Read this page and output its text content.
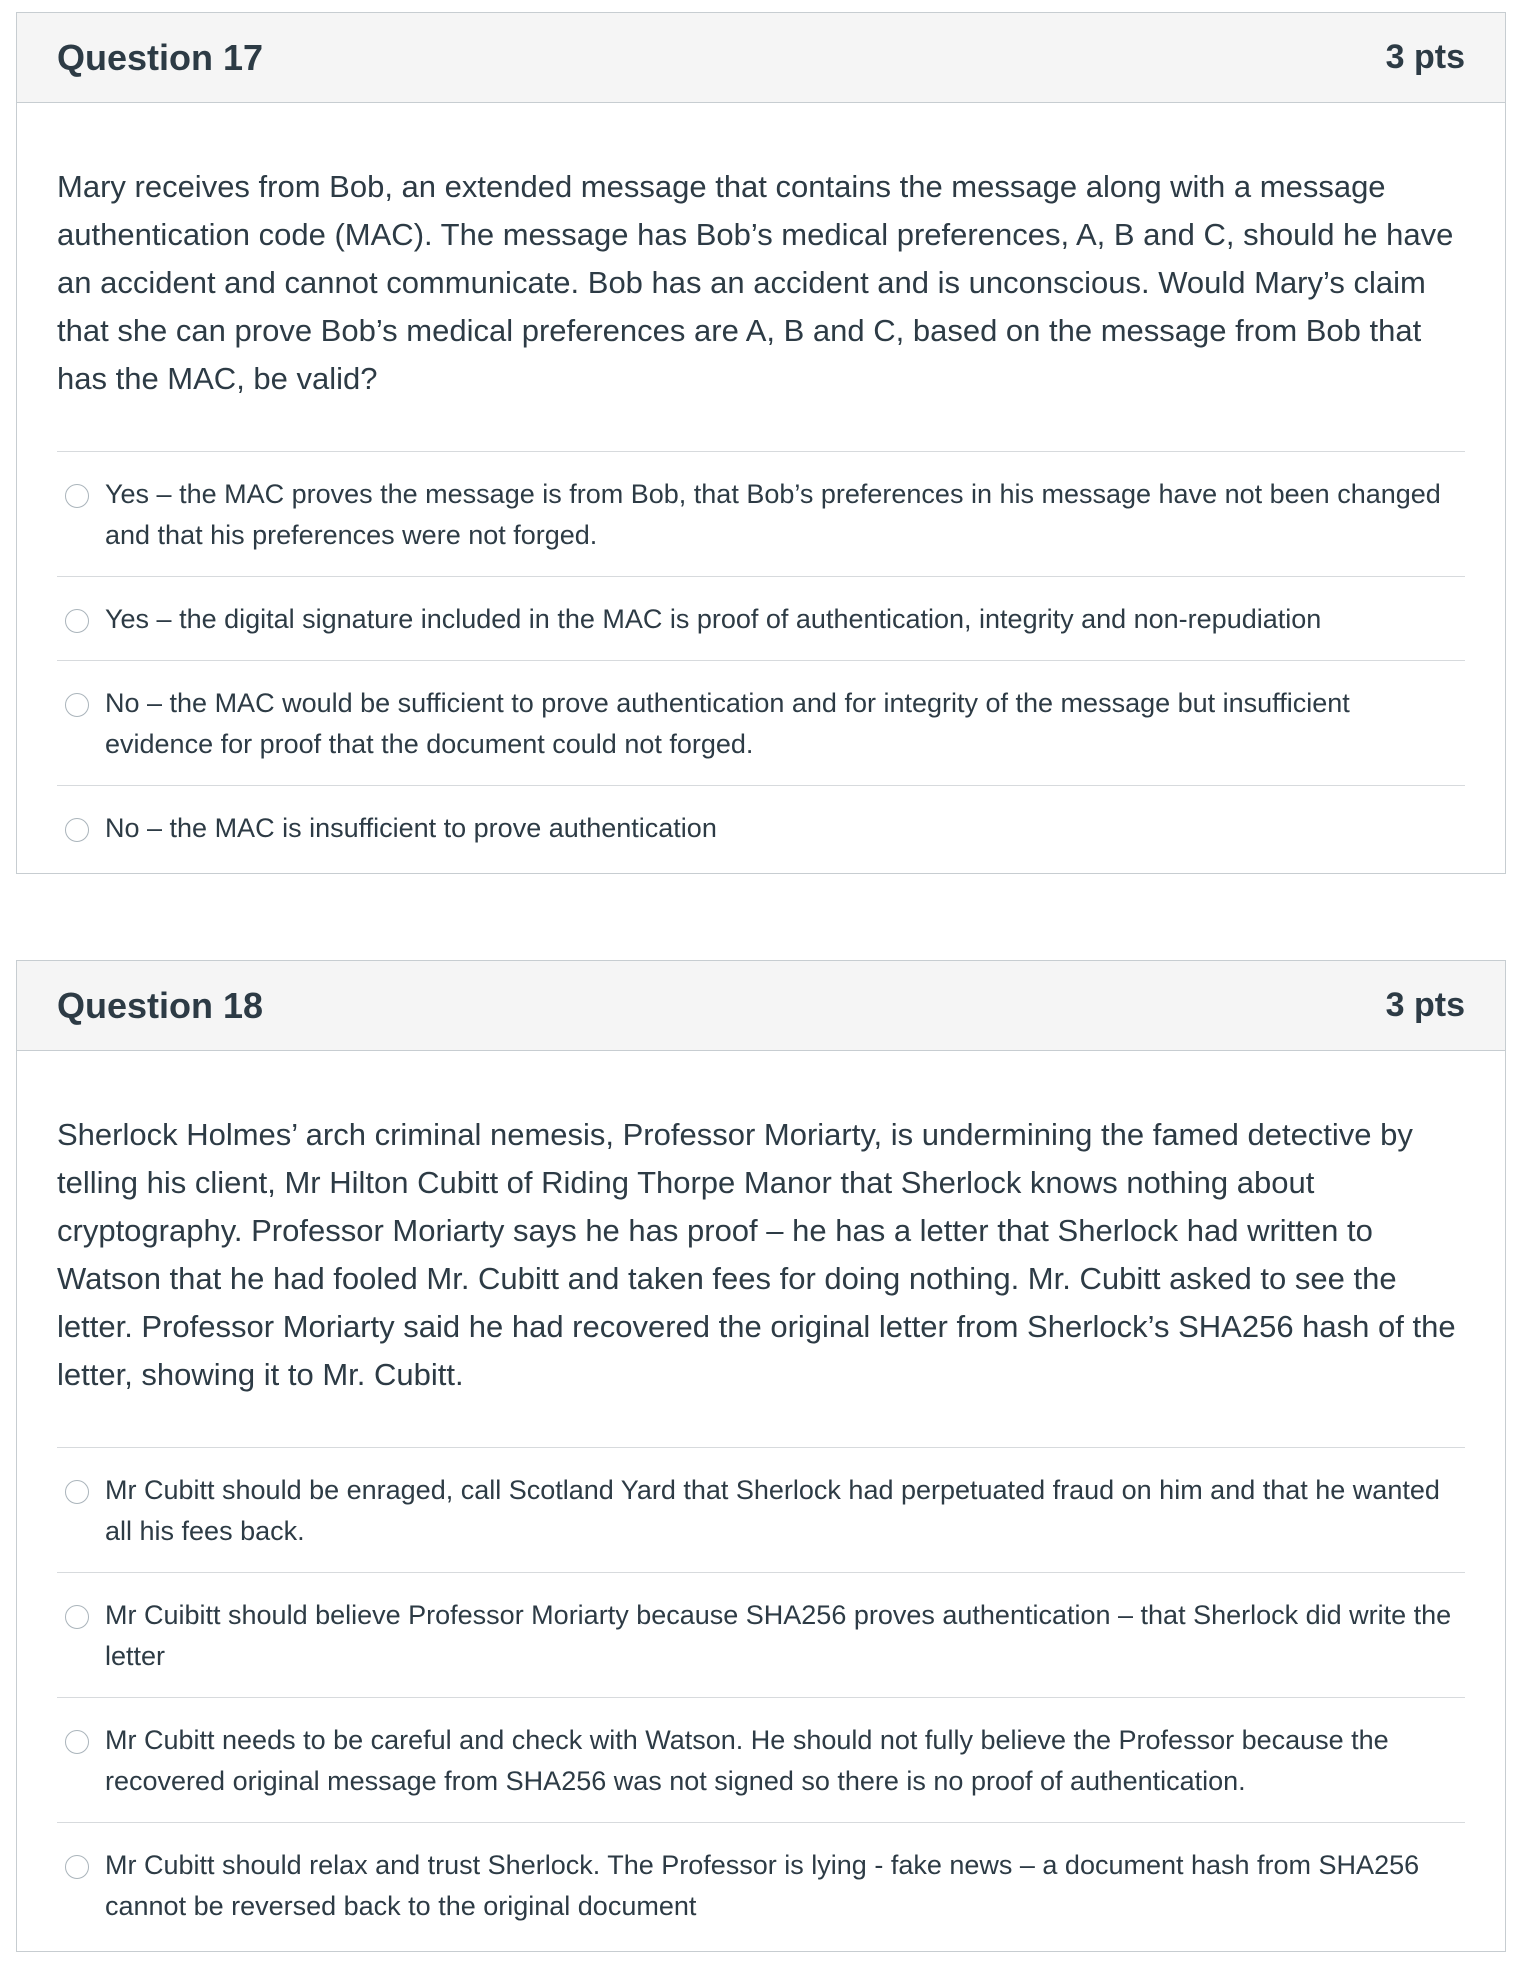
Question 17	3 pts

Mary receives from Bob, an extended message that contains the message along with a message authentication code (MAC). The message has Bob’s medical preferences, A, B and C, should he have an accident and cannot communicate. Bob has an accident and is unconscious. Would Mary’s claim that she can prove Bob’s medical preferences are A, B and C, based on the message from Bob that has the MAC, be valid?

Yes – the MAC proves the message is from Bob, that Bob’s preferences in his message have not been changed and that his preferences were not forged.
Yes – the digital signature included in the MAC is proof of authentication, integrity and non-repudiation
No – the MAC would be sufficient to prove authentication and for integrity of the message but insufficient evidence for proof that the document could not forged.
No – the MAC is insufficient to prove authentication
Question 18	3 pts

Sherlock Holmes’ arch criminal nemesis, Professor Moriarty, is undermining the famed detective by telling his client, Mr Hilton Cubitt of Riding Thorpe Manor that Sherlock knows nothing about cryptography. Professor Moriarty says he has proof – he has a letter that Sherlock had written to Watson that he had fooled Mr. Cubitt and taken fees for doing nothing. Mr. Cubitt asked to see the letter. Professor Moriarty said he had recovered the original letter from Sherlock’s SHA256 hash of the letter, showing it to Mr. Cubitt.

Mr Cubitt should be enraged, call Scotland Yard that Sherlock had perpetuated fraud on him and that he wanted all his fees back.
Mr Cuibitt should believe Professor Moriarty because SHA256 proves authentication – that Sherlock did write the letter
Mr Cubitt needs to be careful and check with Watson. He should not fully believe the Professor because the recovered original message from SHA256 was not signed so there is no proof of authentication.
Mr Cubitt should relax and trust Sherlock. The Professor is lying - fake news – a document hash from SHA256 cannot be reversed back to the original document
